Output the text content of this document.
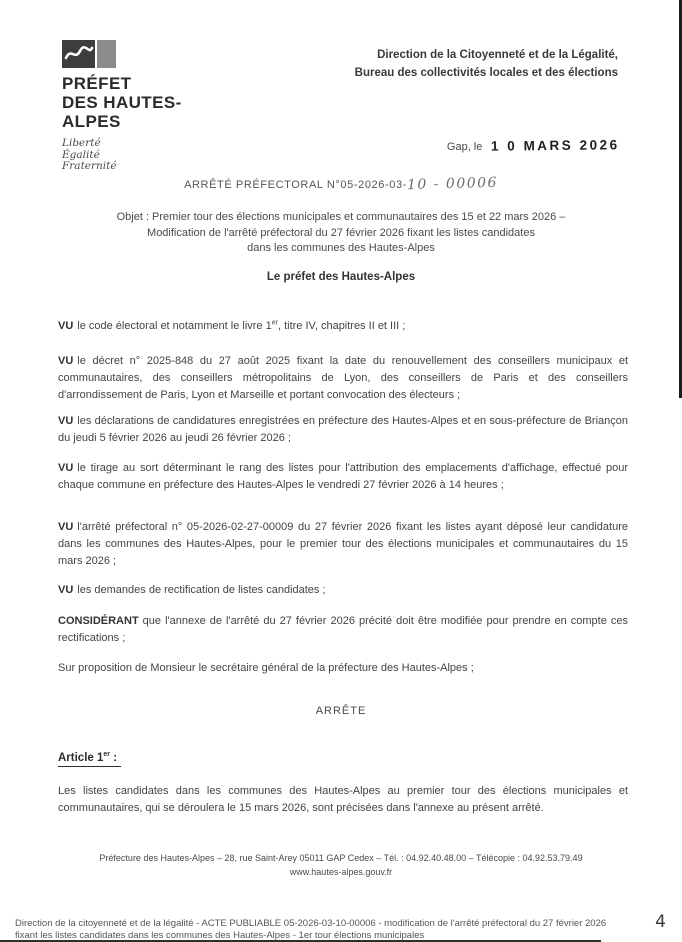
PRÉFET
DES HAUTES-
ALPES
Liberté
Égalité
Fraternité
Direction de la Citoyenneté et de la Légalité,
Bureau des collectivités locales et des élections
Gap, le 1 0 MARS 2026
ARRÊTÉ PRÉFECTORAL N°05-2026-03-10 - 00006
Objet : Premier tour des élections municipales et communautaires des 15 et 22 mars 2026 –
Modification de l'arrêté préfectoral du 27 février 2026 fixant les listes candidates
dans les communes des Hautes-Alpes
Le préfet des Hautes-Alpes

VU le code électoral et notamment le livre 1er, titre IV, chapitres II et III ;

VU le décret n° 2025-848 du 27 août 2025 fixant la date du renouvellement des conseillers municipaux et communautaires, des conseillers métropolitains de Lyon, des conseillers de Paris et des conseillers d'arrondissement de Paris, Lyon et Marseille et portant convocation des électeurs ;

VU les déclarations de candidatures enregistrées en préfecture des Hautes-Alpes et en sous-préfecture de Briançon du jeudi 5 février 2026 au jeudi 26 février 2026 ;

VU le tirage au sort déterminant le rang des listes pour l'attribution des emplacements d'affichage, effectué pour chaque commune en préfecture des Hautes-Alpes le vendredi 27 février 2026 à 14 heures ;

VU l'arrêté préfectoral n° 05-2026-02-27-00009 du 27 février 2026 fixant les listes ayant déposé leur candidature dans les communes des Hautes-Alpes, pour le premier tour des élections municipales et communautaires du 15 mars 2026 ;

VU les demandes de rectification de listes candidates ;

CONSIDÉRANT que l'annexe de l'arrêté du 27 février 2026 précité doit être modifiée pour prendre en compte ces rectifications ;

Sur proposition de Monsieur le secrétaire général de la préfecture des Hautes-Alpes ;

ARRÊTE
Article 1er :

Les listes candidates dans les communes des Hautes-Alpes au premier tour des élections municipales et communautaires, qui se déroulera le 15 mars 2026, sont précisées dans l'annexe au présent arrêté.

Préfecture des Hautes-Alpes – 28, rue Saint-Arey 05011 GAP Cedex – Tél. : 04.92.40.48.00 – Télécopie : 04.92.53.79.49
www.hautes-alpes.gouv.fr
Direction de la citoyenneté et de la légalité - ACTE PUBLIABLE 05-2026-03-10-00006 - modification de l'arrêté préfectoral du 27 février 2026 fixant les listes candidates dans les communes des Hautes-Alpes - 1er tour élections municipales
4
